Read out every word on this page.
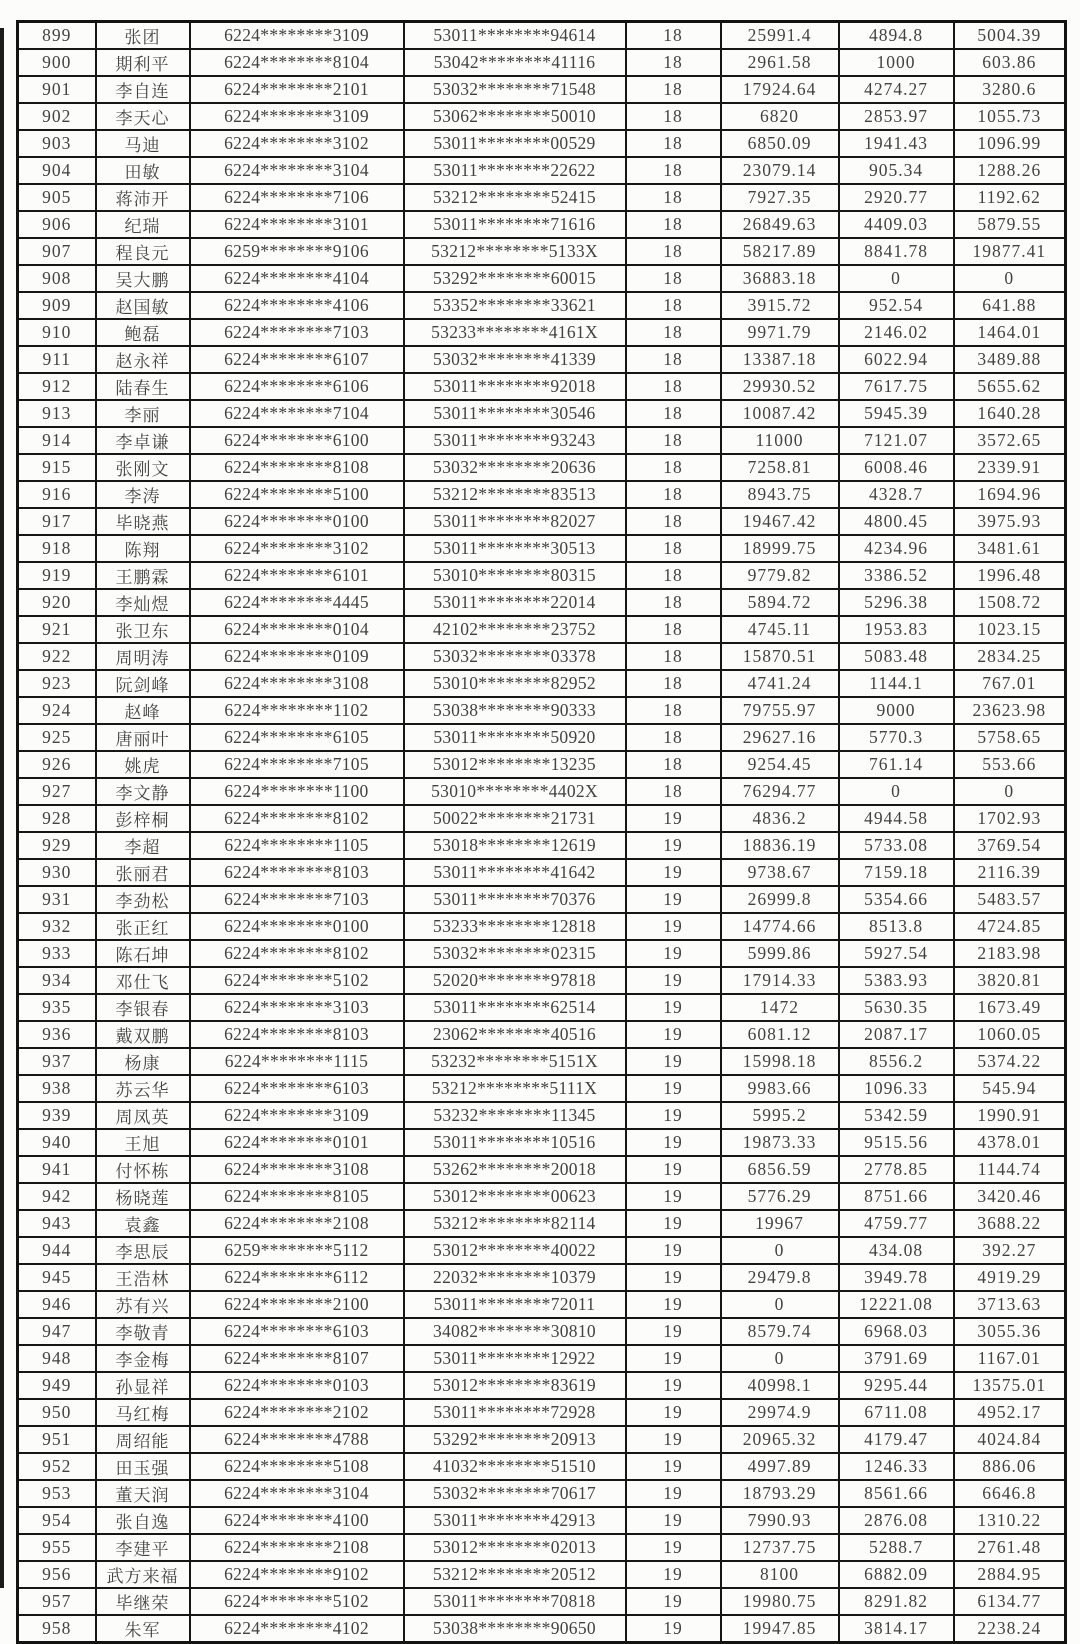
899	张团	6224********3109	53011********94614	18	25991.4	4894.8	5004.39
900	期利平	6224********8104	53042********41116	18	2961.58	1000	603.86
901	李自连	6224********2101	53032********71548	18	17924.64	4274.27	3280.6
902	李天心	6224********3109	53062********50010	18	6820	2853.97	1055.73
903	马迪	6224********3102	53011********00529	18	6850.09	1941.43	1096.99
904	田敏	6224********3104	53011********22622	18	23079.14	905.34	1288.26
905	蒋沛开	6224********7106	53212********52415	18	7927.35	2920.77	1192.62
906	纪瑞	6224********3101	53011********71616	18	26849.63	4409.03	5879.55
907	程良元	6259********9106	53212********5133X	18	58217.89	8841.78	19877.41
908	吴大鹏	6224********4104	53292********60015	18	36883.18	0	0
909	赵国敏	6224********4106	53352********33621	18	3915.72	952.54	641.88
910	鲍磊	6224********7103	53233********4161X	18	9971.79	2146.02	1464.01
911	赵永祥	6224********6107	53032********41339	18	13387.18	6022.94	3489.88
912	陆春生	6224********6106	53011********92018	18	29930.52	7617.75	5655.62
913	李丽	6224********7104	53011********30546	18	10087.42	5945.39	1640.28
914	李卓谦	6224********6100	53011********93243	18	11000	7121.07	3572.65
915	张刚文	6224********8108	53032********20636	18	7258.81	6008.46	2339.91
916	李涛	6224********5100	53212********83513	18	8943.75	4328.7	1694.96
917	毕晓燕	6224********0100	53011********82027	18	19467.42	4800.45	3975.93
918	陈翔	6224********3102	53011********30513	18	18999.75	4234.96	3481.61
919	王鹏霖	6224********6101	53010********80315	18	9779.82	3386.52	1996.48
920	李灿煜	6224********4445	53011********22014	18	5894.72	5296.38	1508.72
921	张卫东	6224********0104	42102********23752	18	4745.11	1953.83	1023.15
922	周明涛	6224********0109	53032********03378	18	15870.51	5083.48	2834.25
923	阮剑峰	6224********3108	53010********82952	18	4741.24	1144.1	767.01
924	赵峰	6224********1102	53038********90333	18	79755.97	9000	23623.98
925	唐丽叶	6224********6105	53011********50920	18	29627.16	5770.3	5758.65
926	姚虎	6224********7105	53012********13235	18	9254.45	761.14	553.66
927	李文静	6224********1100	53010********4402X	18	76294.77	0	0
928	彭梓桐	6224********8102	50022********21731	19	4836.2	4944.58	1702.93
929	李超	6224********1105	53018********12619	19	18836.19	5733.08	3769.54
930	张丽君	6224********8103	53011********41642	19	9738.67	7159.18	2116.39
931	李劲松	6224********7103	53011********70376	19	26999.8	5354.66	5483.57
932	张正红	6224********0100	53233********12818	19	14774.66	8513.8	4724.85
933	陈石坤	6224********8102	53032********02315	19	5999.86	5927.54	2183.98
934	邓仕飞	6224********5102	52020********97818	19	17914.33	5383.93	3820.81
935	李银春	6224********3103	53011********62514	19	1472	5630.35	1673.49
936	戴双鹏	6224********8103	23062********40516	19	6081.12	2087.17	1060.05
937	杨康	6224********1115	53232********5151X	19	15998.18	8556.2	5374.22
938	苏云华	6224********6103	53212********5111X	19	9983.66	1096.33	545.94
939	周凤英	6224********3109	53232********11345	19	5995.2	5342.59	1990.91
940	王旭	6224********0101	53011********10516	19	19873.33	9515.56	4378.01
941	付怀栋	6224********3108	53262********20018	19	6856.59	2778.85	1144.74
942	杨晓莲	6224********8105	53012********00623	19	5776.29	8751.66	3420.46
943	袁鑫	6224********2108	53212********82114	19	19967	4759.77	3688.22
944	李思辰	6259********5112	53012********40022	19	0	434.08	392.27
945	王浩林	6224********6112	22032********10379	19	29479.8	3949.78	4919.29
946	苏有兴	6224********2100	53011********72011	19	0	12221.08	3713.63
947	李敬青	6224********6103	34082********30810	19	8579.74	6968.03	3055.36
948	李金梅	6224********8107	53011********12922	19	0	3791.69	1167.01
949	孙显祥	6224********0103	53012********83619	19	40998.1	9295.44	13575.01
950	马红梅	6224********2102	53011********72928	19	29974.9	6711.08	4952.17
951	周绍能	6224********4788	53292********20913	19	20965.32	4179.47	4024.84
952	田玉强	6224********5108	41032********51510	19	4997.89	1246.33	886.06
953	董天润	6224********3104	53032********70617	19	18793.29	8561.66	6646.8
954	张自逸	6224********4100	53011********42913	19	7990.93	2876.08	1310.22
955	李建平	6224********2108	53012********02013	19	12737.75	5288.7	2761.48
956	武方来福	6224********9102	53212********20512	19	8100	6882.09	2884.95
957	毕继荣	6224********5102	53011********70818	19	19980.75	8291.82	6134.77
958	朱军	6224********4102	53038********90650	19	19947.85	3814.17	2238.24
